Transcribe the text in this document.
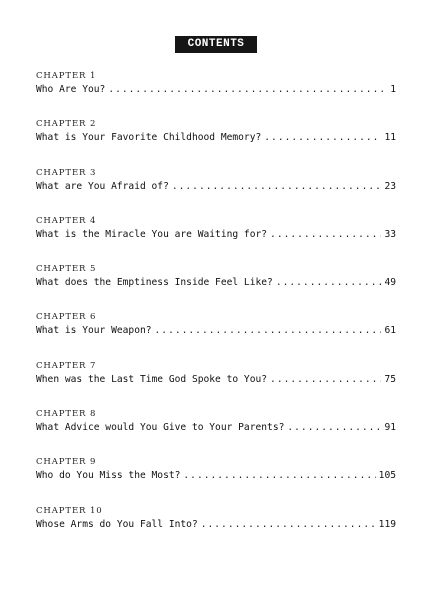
CONTENTS
CHAPTER 1
Who Are You? .....	1
CHAPTER 2
What is Your Favorite Childhood Memory? .....	11
CHAPTER 3
What are You Afraid of? .....	23
CHAPTER 4
What is the Miracle You are Waiting for? .....	33
CHAPTER 5
What does the Emptiness Inside Feel Like? .....	49
CHAPTER 6
What is Your Weapon? .....	61
CHAPTER 7
When was the Last Time God Spoke to You? .....	75
CHAPTER 8
What Advice would You Give to Your Parents? .....	91
CHAPTER 9
Who do You Miss the Most? .....	105
CHAPTER 10
Whose Arms do You Fall Into? .....	119
